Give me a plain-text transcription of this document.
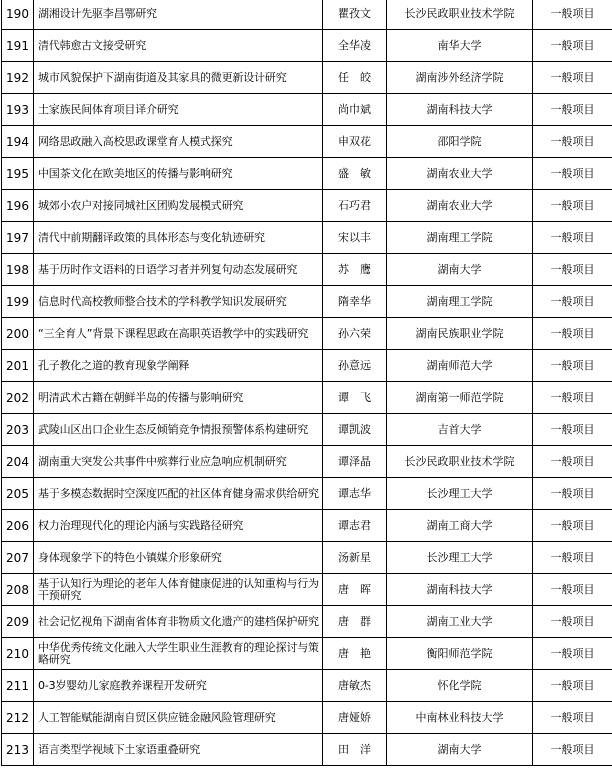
190	湖湘设计先驱李昌鄂研究	瞿孜文	长沙民政职业技术学院	一般项目
191	清代韩愈古文接受研究	全华凌	南华大学	一般项目
192	城市风貌保护下湖南街道及其家具的微更新设计研究	任　皎	湖南涉外经济学院	一般项目
193	土家族民间体育项目译介研究	尚巾斌	湖南科技大学	一般项目
194	网络思政融入高校思政课堂育人模式探究	申双花	邵阳学院	一般项目
195	中国茶文化在欧美地区的传播与影响研究	盛　敏	湖南农业大学	一般项目
196	城郊小农户对接同城社区团购发展模式研究	石巧君	湖南农业大学	一般项目
197	清代中前期翻译政策的具体形态与变化轨迹研究	宋以丰	湖南理工学院	一般项目
198	基于历时作文语料的日语学习者并列复句动态发展研究	苏　鹰	湖南大学	一般项目
199	信息时代高校教师整合技术的学科教学知识发展研究	隋幸华	湖南理工学院	一般项目
200	“三全育人”背景下课程思政在高职英语教学中的实践研究	孙六荣	湖南民族职业学院	一般项目
201	孔子教化之道的教育现象学阐释	孙意远	湖南师范大学	一般项目
202	明清武术古籍在朝鲜半岛的传播与影响研究	谭　飞	湖南第一师范学院	一般项目
203	武陵山区出口企业生态反倾销竞争情报预警体系构建研究	谭凯波	吉首大学	一般项目
204	湖南重大突发公共事件中殡葬行业应急响应机制研究	谭泽晶	长沙民政职业技术学院	一般项目
205	基于多模态数据时空深度匹配的社区体育健身需求供给研究	谭志华	长沙理工大学	一般项目
206	权力治理现代化的理论内涵与实践路径研究	谭志君	湖南工商大学	一般项目
207	身体现象学下的特色小镇媒介形象研究	汤新星	长沙理工大学	一般项目
208	基于认知行为理论的老年人体育健康促进的认知重构与行为干预研究	唐　晖	湖南科技大学	一般项目
209	社会记忆视角下湖南省体育非物质文化遗产的建档保护研究	唐　群	湖南工业大学	一般项目
210	中华优秀传统文化融入大学生职业生涯教育的理论探讨与策略研究	唐　艳	衡阳师范学院	一般项目
211	0-3岁婴幼儿家庭教养课程开发研究	唐敏杰	怀化学院	一般项目
212	人工智能赋能湖南自贸区供应链金融风险管理研究	唐娅娇	中南林业科技大学	一般项目
213	语言类型学视域下土家语重叠研究	田　洋	湖南大学	一般项目
